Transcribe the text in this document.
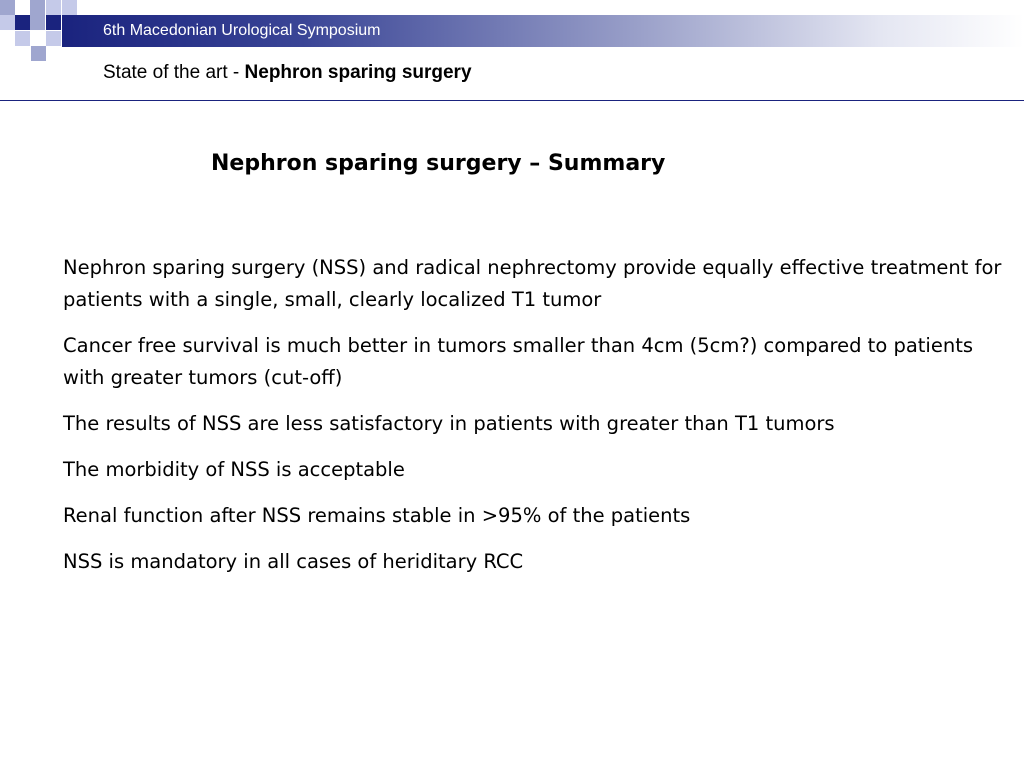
6th Macedonian Urological Symposium
State of the art - Nephron sparing surgery
Nephron sparing surgery – Summary

Nephron sparing surgery (NSS) and radical nephrectomy provide equally effective treatment for patients with a single, small, clearly localized T1 tumor

Cancer free survival is much better in tumors smaller than 4cm (5cm?) compared to patients with greater tumors (cut-off)

The results of NSS are less satisfactory in patients with greater than T1 tumors

The morbidity of NSS is acceptable

Renal function after NSS remains stable in >95% of the patients

NSS is mandatory in all cases of heriditary RCC
